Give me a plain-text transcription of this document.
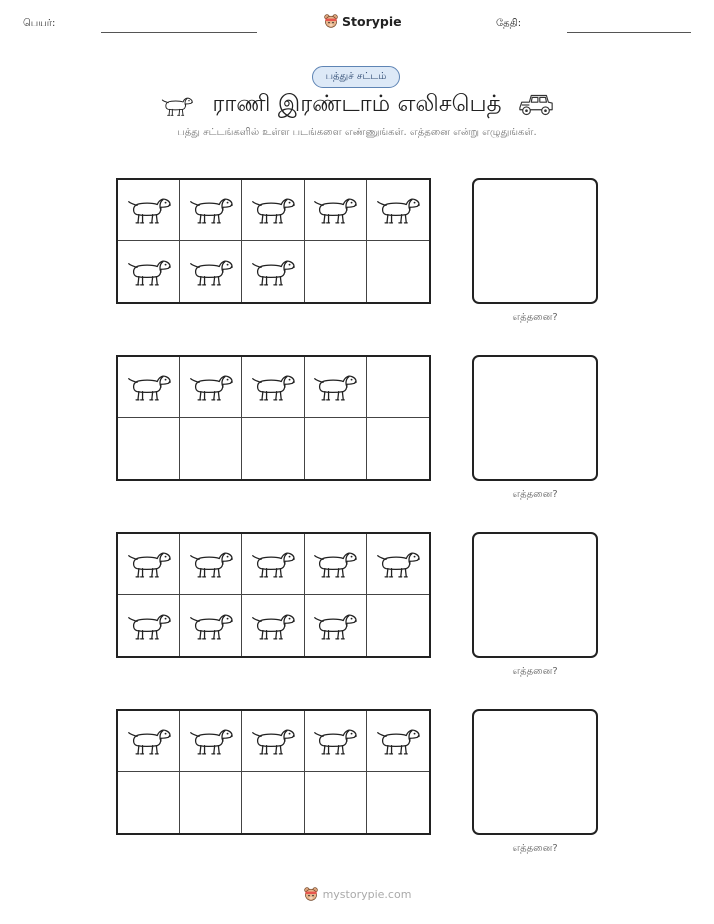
பெயர்:	Storypie	தேதி:
பத்துச் சட்டம்
ராணி இரண்டாம் எலிசபெத்
பத்து சட்டங்களில் உள்ள படங்களை எண்ணுங்கள். எத்தனை என்று எழுதுங்கள்.
எத்தனை?
எத்தனை?
எத்தனை?
எத்தனை?
mystorypie.com
